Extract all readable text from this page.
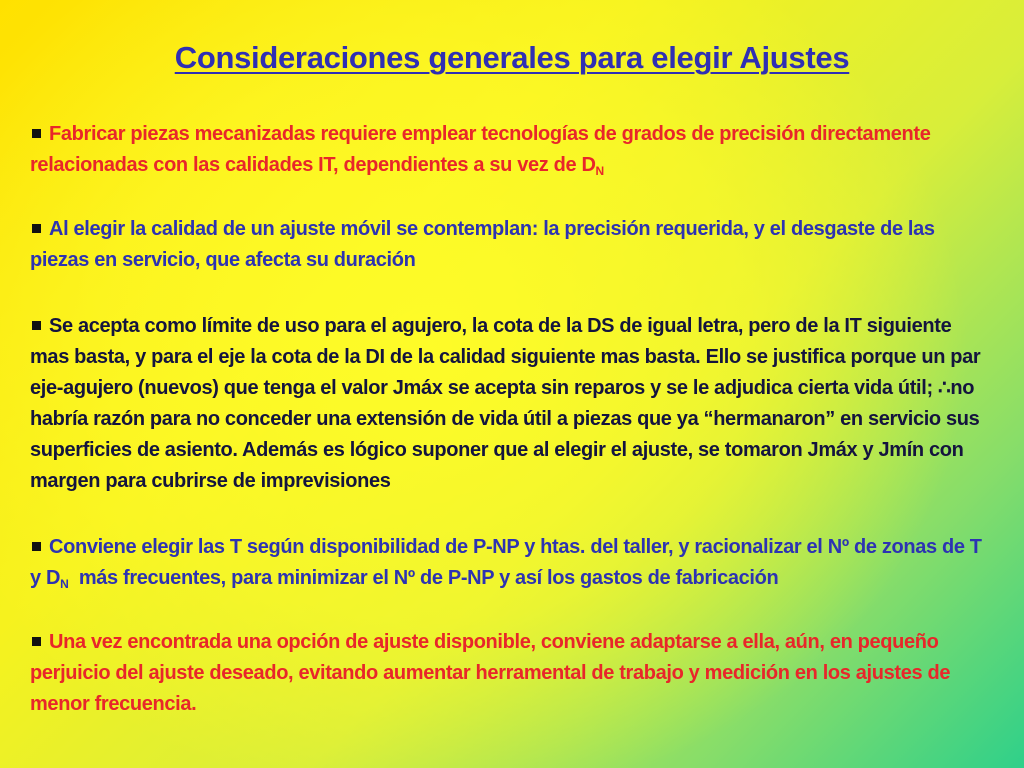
Consideraciones generales para elegir Ajustes

Fabricar piezas mecanizadas requiere emplear tecnologías de grados de precisión directamente relacionadas con las calidades IT, dependientes a su vez de $D_N$

Al elegir la calidad de un ajuste móvil se contemplan: la precisión requerida, y el desgaste de las piezas en servicio, que afecta su duración

Se acepta como límite de uso para el agujero, la cota de la DS de igual letra, pero de la IT siguiente mas basta, y para el eje la cota de la DI de la calidad siguiente mas basta. Ello se justifica porque un par eje-agujero (nuevos) que tenga el valor Jmáx se acepta sin reparos y se le adjudica cierta vida útil; ∴no habría razón para no conceder una extensión de vida útil a piezas que ya “hermanaron” en servicio sus superficies de asiento. Además es lógico suponer que al elegir el ajuste, se tomaron Jmáx y Jmín con margen para cubrirse de imprevisiones

Conviene elegir las T según disponibilidad de P-NP y htas. del taller, y racionalizar el Nº de zonas de T y $D_N$ más frecuentes, para minimizar el Nº de P-NP y así los gastos de fabricación

Una vez encontrada una opción de ajuste disponible, conviene adaptarse a ella, aún, en pequeño perjuicio del ajuste deseado, evitando aumentar herramental de trabajo y medición en los ajustes de menor frecuencia.
